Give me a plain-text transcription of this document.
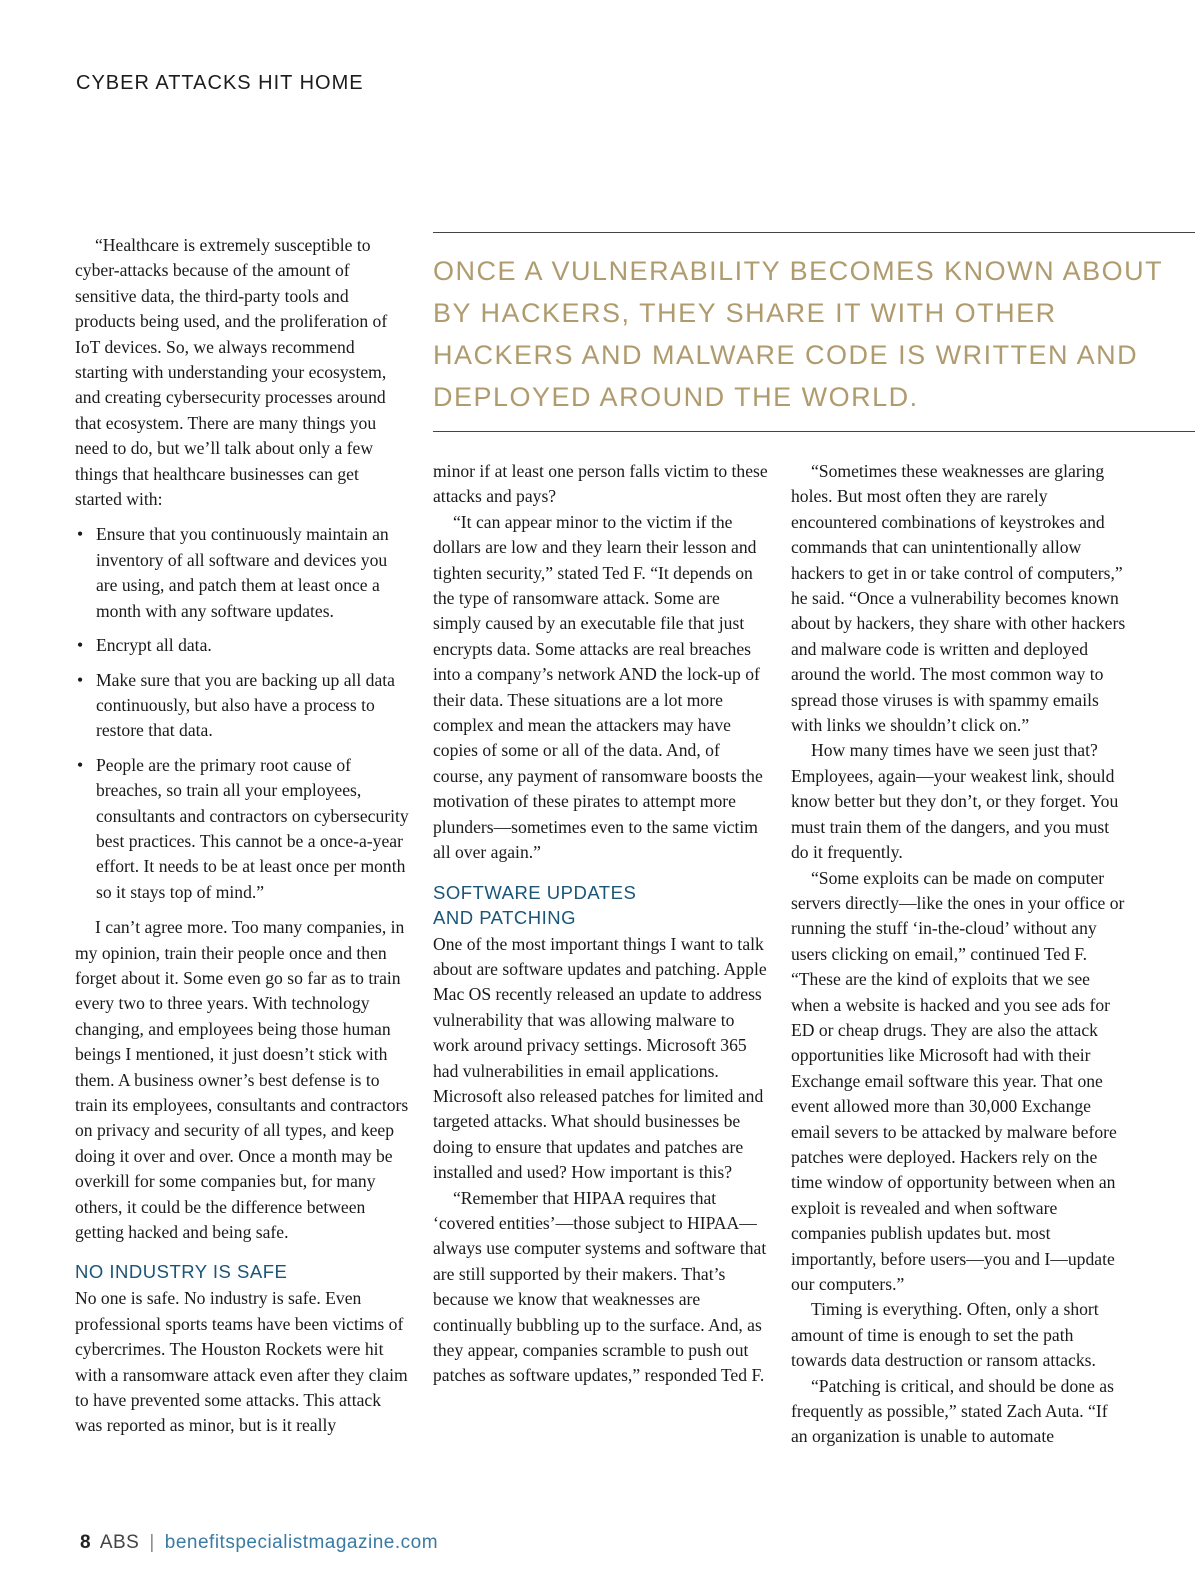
CYBER ATTACKS HIT HOME
ONCE A VULNERABILITY BECOMES KNOWN ABOUT BY HACKERS, THEY SHARE IT WITH OTHER HACKERS AND MALWARE CODE IS WRITTEN AND DEPLOYED AROUND THE WORLD.

“Healthcare is extremely susceptible to cyber-attacks because of the amount of sensitive data, the third-party tools and products being used, and the proliferation of IoT devices. So, we always recommend starting with understanding your ecosystem, and creating cybersecurity processes around that ecosystem. There are many things you need to do, but we’ll talk about only a few things that healthcare businesses can get started with:

• Ensure that you continuously maintain an inventory of all software and devices you are using, and patch them at least once a month with any software updates.
• Encrypt all data.
• Make sure that you are backing up all data continuously, but also have a process to restore that data.
• People are the primary root cause of breaches, so train all your employees, consultants and contractors on cybersecurity best practices. This cannot be a once-a-year effort. It needs to be at least once per month so it stays top of mind.”

I can’t agree more. Too many companies, in my opinion, train their people once and then forget about it. Some even go so far as to train every two to three years. With technology changing, and employees being those human beings I mentioned, it just doesn’t stick with them. A business owner’s best defense is to train its employees, consultants and contractors on privacy and security of all types, and keep doing it over and over. Once a month may be overkill for some companies but, for many others, it could be the difference between getting hacked and being safe.

NO INDUSTRY IS SAFE

No one is safe. No industry is safe. Even professional sports teams have been victims of cybercrimes. The Houston Rockets were hit with a ransomware attack even after they claim to have prevented some attacks. This attack was reported as minor, but is it really

minor if at least one person falls victim to these attacks and pays?

“It can appear minor to the victim if the dollars are low and they learn their lesson and tighten security,” stated Ted F. “It depends on the type of ransomware attack. Some are simply caused by an executable file that just encrypts data. Some attacks are real breaches into a company’s network AND the lock-up of their data. These situations are a lot more complex and mean the attackers may have copies of some or all of the data. And, of course, any payment of ransomware boosts the motivation of these pirates to attempt more plunders—sometimes even to the same victim all over again.”

SOFTWARE UPDATES
AND PATCHING

One of the most important things I want to talk about are software updates and patching. Apple Mac OS recently released an update to address vulnerability that was allowing malware to work around privacy settings. Microsoft 365 had vulnerabilities in email applications. Microsoft also released patches for limited and targeted attacks. What should businesses be doing to ensure that updates and patches are installed and used? How important is this?

“Remember that HIPAA requires that ‘covered entities’—those subject to HIPAA—always use computer systems and software that are still supported by their makers. That’s because we know that weaknesses are continually bubbling up to the surface. And, as they appear, companies scramble to push out patches as software updates,” responded Ted F.

“Sometimes these weaknesses are glaring holes. But most often they are rarely encountered combinations of keystrokes and commands that can unintentionally allow hackers to get in or take control of computers,” he said. “Once a vulnerability becomes known about by hackers, they share with other hackers and malware code is written and deployed around the world. The most common way to spread those viruses is with spammy emails with links we shouldn’t click on.”

How many times have we seen just that? Employees, again—your weakest link, should know better but they don’t, or they forget. You must train them of the dangers, and you must do it frequently.

“Some exploits can be made on computer servers directly—like the ones in your office or running the stuff ‘in-the-cloud’ without any users clicking on email,” continued Ted F. “These are the kind of exploits that we see when a website is hacked and you see ads for ED or cheap drugs. They are also the attack opportunities like Microsoft had with their Exchange email software this year. That one event allowed more than 30,000 Exchange email severs to be attacked by malware before patches were deployed. Hackers rely on the time window of opportunity between when an exploit is revealed and when software companies publish updates but. most importantly, before users—you and I—update our computers.”

Timing is everything. Often, only a short amount of time is enough to set the path towards data destruction or ransom attacks.

“Patching is critical, and should be done as frequently as possible,” stated Zach Auta. “If an organization is unable to automate

8 ABS | benefitspecialistmagazine.com
